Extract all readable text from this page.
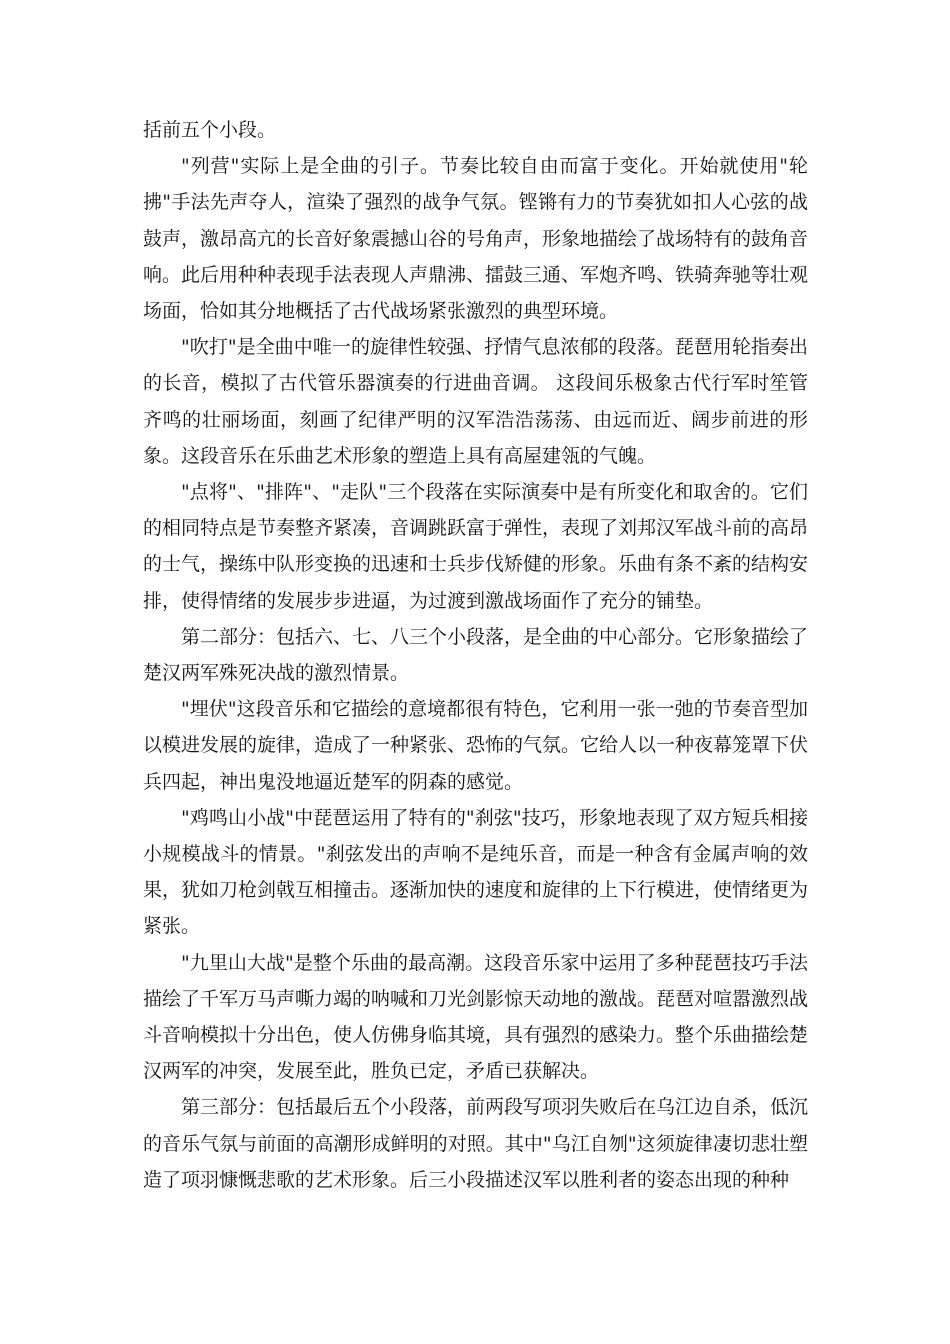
括前五个小段。

"列营"实际上是全曲的引子。节奏比较自由而富于变化。开始就使用"轮拂"手法先声夺人，渲染了强烈的战争气氛。铿锵有力的节奏犹如扣人心弦的战鼓声，激昂高亢的长音好象震撼山谷的号角声，形象地描绘了战场特有的鼓角音响。此后用种种表现手法表现人声鼎沸、擂鼓三通、军炮齐鸣、铁骑奔驰等壮观场面，恰如其分地概括了古代战场紧张激烈的典型环境。

"吹打"是全曲中唯一的旋律性较强、抒情气息浓郁的段落。琵琶用轮指奏出的长音，模拟了古代管乐器演奏的行进曲音调。 这段间乐极象古代行军时笙管齐鸣的壮丽场面，刻画了纪律严明的汉军浩浩荡荡、由远而近、阔步前进的形象。这段音乐在乐曲艺术形象的塑造上具有高屋建瓴的气魄。

"点将"、"排阵"、"走队"三个段落在实际演奏中是有所变化和取舍的。它们的相同特点是节奏整齐紧凑，音调跳跃富于弹性，表现了刘邦汉军战斗前的高昂的士气，操练中队形变换的迅速和士兵步伐矫健的形象。乐曲有条不紊的结构安排，使得情绪的发展步步进逼，为过渡到激战场面作了充分的铺垫。

第二部分：包括六、七、八三个小段落，是全曲的中心部分。它形象描绘了楚汉两军殊死决战的激烈情景。

"埋伏"这段音乐和它描绘的意境都很有特色，它利用一张一弛的节奏音型加以模进发展的旋律，造成了一种紧张、恐怖的气氛。它给人以一种夜幕笼罩下伏兵四起，神出鬼没地逼近楚军的阴森的感觉。

"鸡鸣山小战"中琵琶运用了特有的"刹弦"技巧，形象地表现了双方短兵相接小规模战斗的情景。"刹弦发出的声响不是纯乐音，而是一种含有金属声响的效果，犹如刀枪剑戟互相撞击。逐渐加快的速度和旋律的上下行模进，使情绪更为紧张。

"九里山大战"是整个乐曲的最高潮。这段音乐家中运用了多种琵琶技巧手法描绘了千军万马声嘶力竭的呐喊和刀光剑影惊天动地的激战。琵琶对喧嚣激烈战斗音响模拟十分出色，使人仿佛身临其境，具有强烈的感染力。整个乐曲描绘楚汉两军的冲突，发展至此，胜负已定，矛盾已获解决。

第三部分：包括最后五个小段落，前两段写项羽失败后在乌江边自杀，低沉的音乐气氛与前面的高潮形成鲜明的对照。其中"乌江自刎"这须旋律凄切悲壮塑造了项羽慷慨悲歌的艺术形象。后三小段描述汉军以胜利者的姿态出现的种种
